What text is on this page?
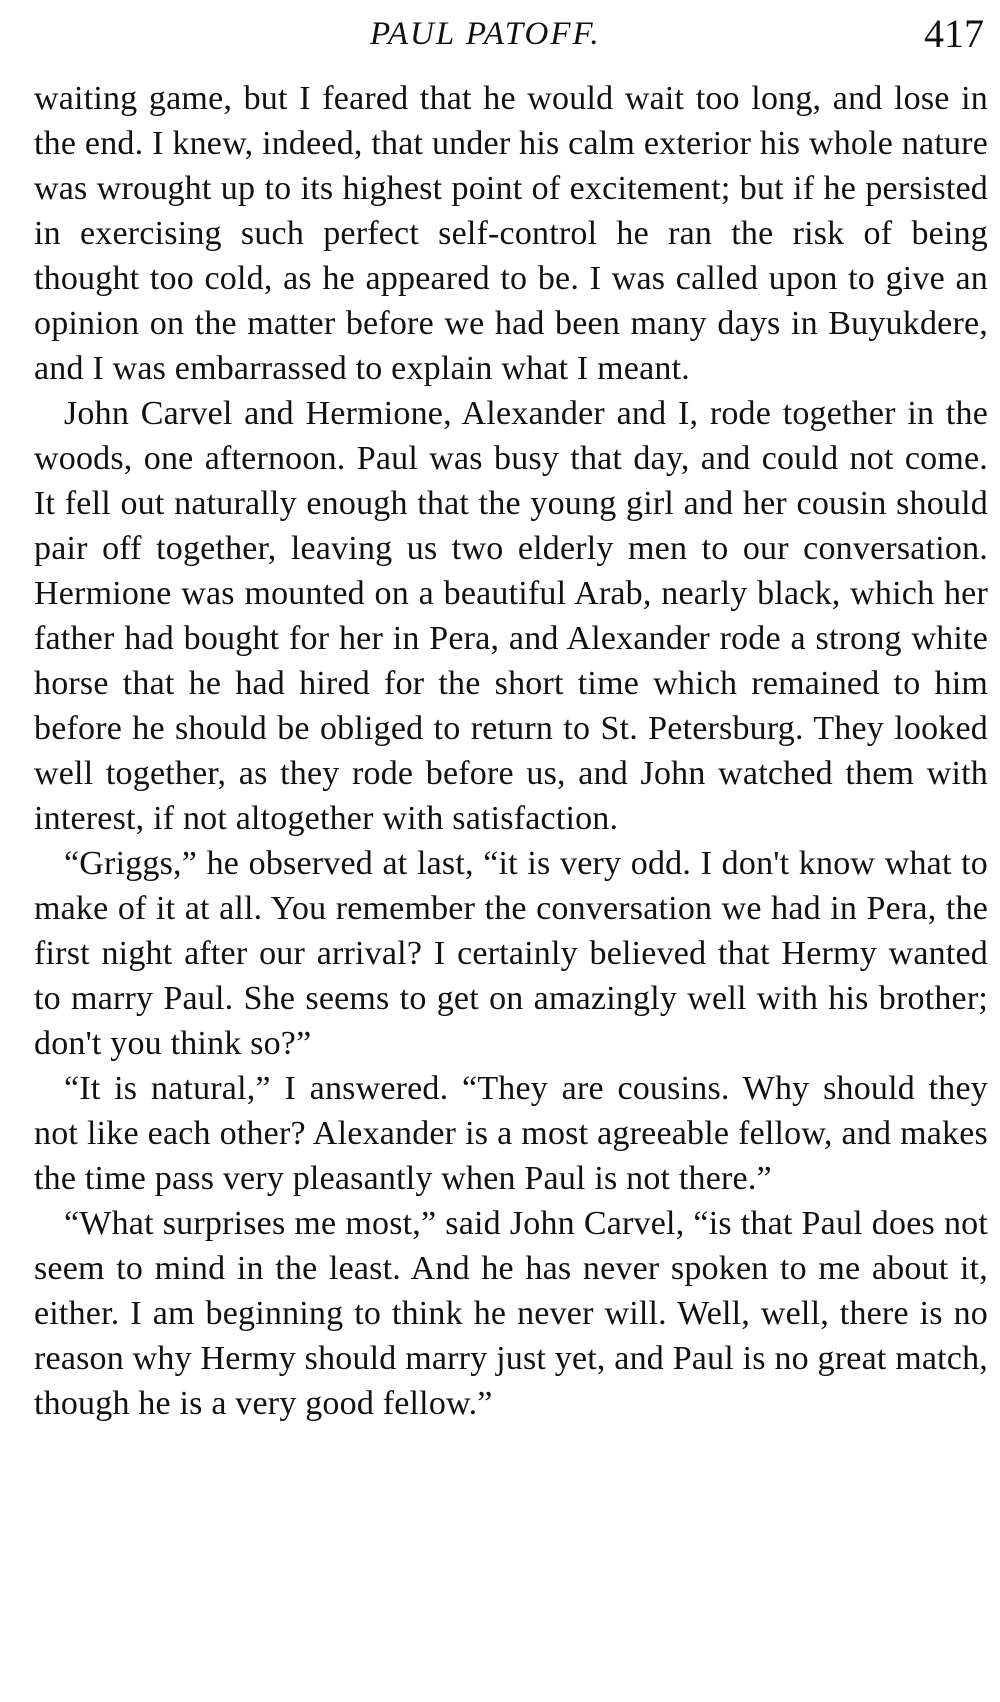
PAUL PATOFF.	417

waiting game, but I feared that he would wait too long, and lose in the end. I knew, indeed, that under his calm exterior his whole nature was wrought up to its highest point of excitement; but if he persisted in exercising such perfect self-control he ran the risk of being thought too cold, as he appeared to be. I was called upon to give an opinion on the matter before we had been many days in Buyukdere, and I was embarrassed to explain what I meant.

John Carvel and Hermione, Alexander and I, rode together in the woods, one afternoon. Paul was busy that day, and could not come. It fell out naturally enough that the young girl and her cousin should pair off together, leaving us two elderly men to our conversation. Hermione was mounted on a beautiful Arab, nearly black, which her father had bought for her in Pera, and Alexander rode a strong white horse that he had hired for the short time which remained to him before he should be obliged to return to St. Petersburg. They looked well together, as they rode before us, and John watched them with interest, if not altogether with satisfaction.

“Griggs,” he observed at last, “it is very odd. I don't know what to make of it at all. You remember the conversation we had in Pera, the first night after our arrival? I certainly believed that Hermy wanted to marry Paul. She seems to get on amazingly well with his brother; don't you think so?”

“It is natural,” I answered. “They are cousins. Why should they not like each other? Alexander is a most agreeable fellow, and makes the time pass very pleasantly when Paul is not there.”

“What surprises me most,” said John Carvel, “is that Paul does not seem to mind in the least. And he has never spoken to me about it, either. I am beginning to think he never will. Well, well, there is no reason why Hermy should marry just yet, and Paul is no great match, though he is a very good fellow.”
